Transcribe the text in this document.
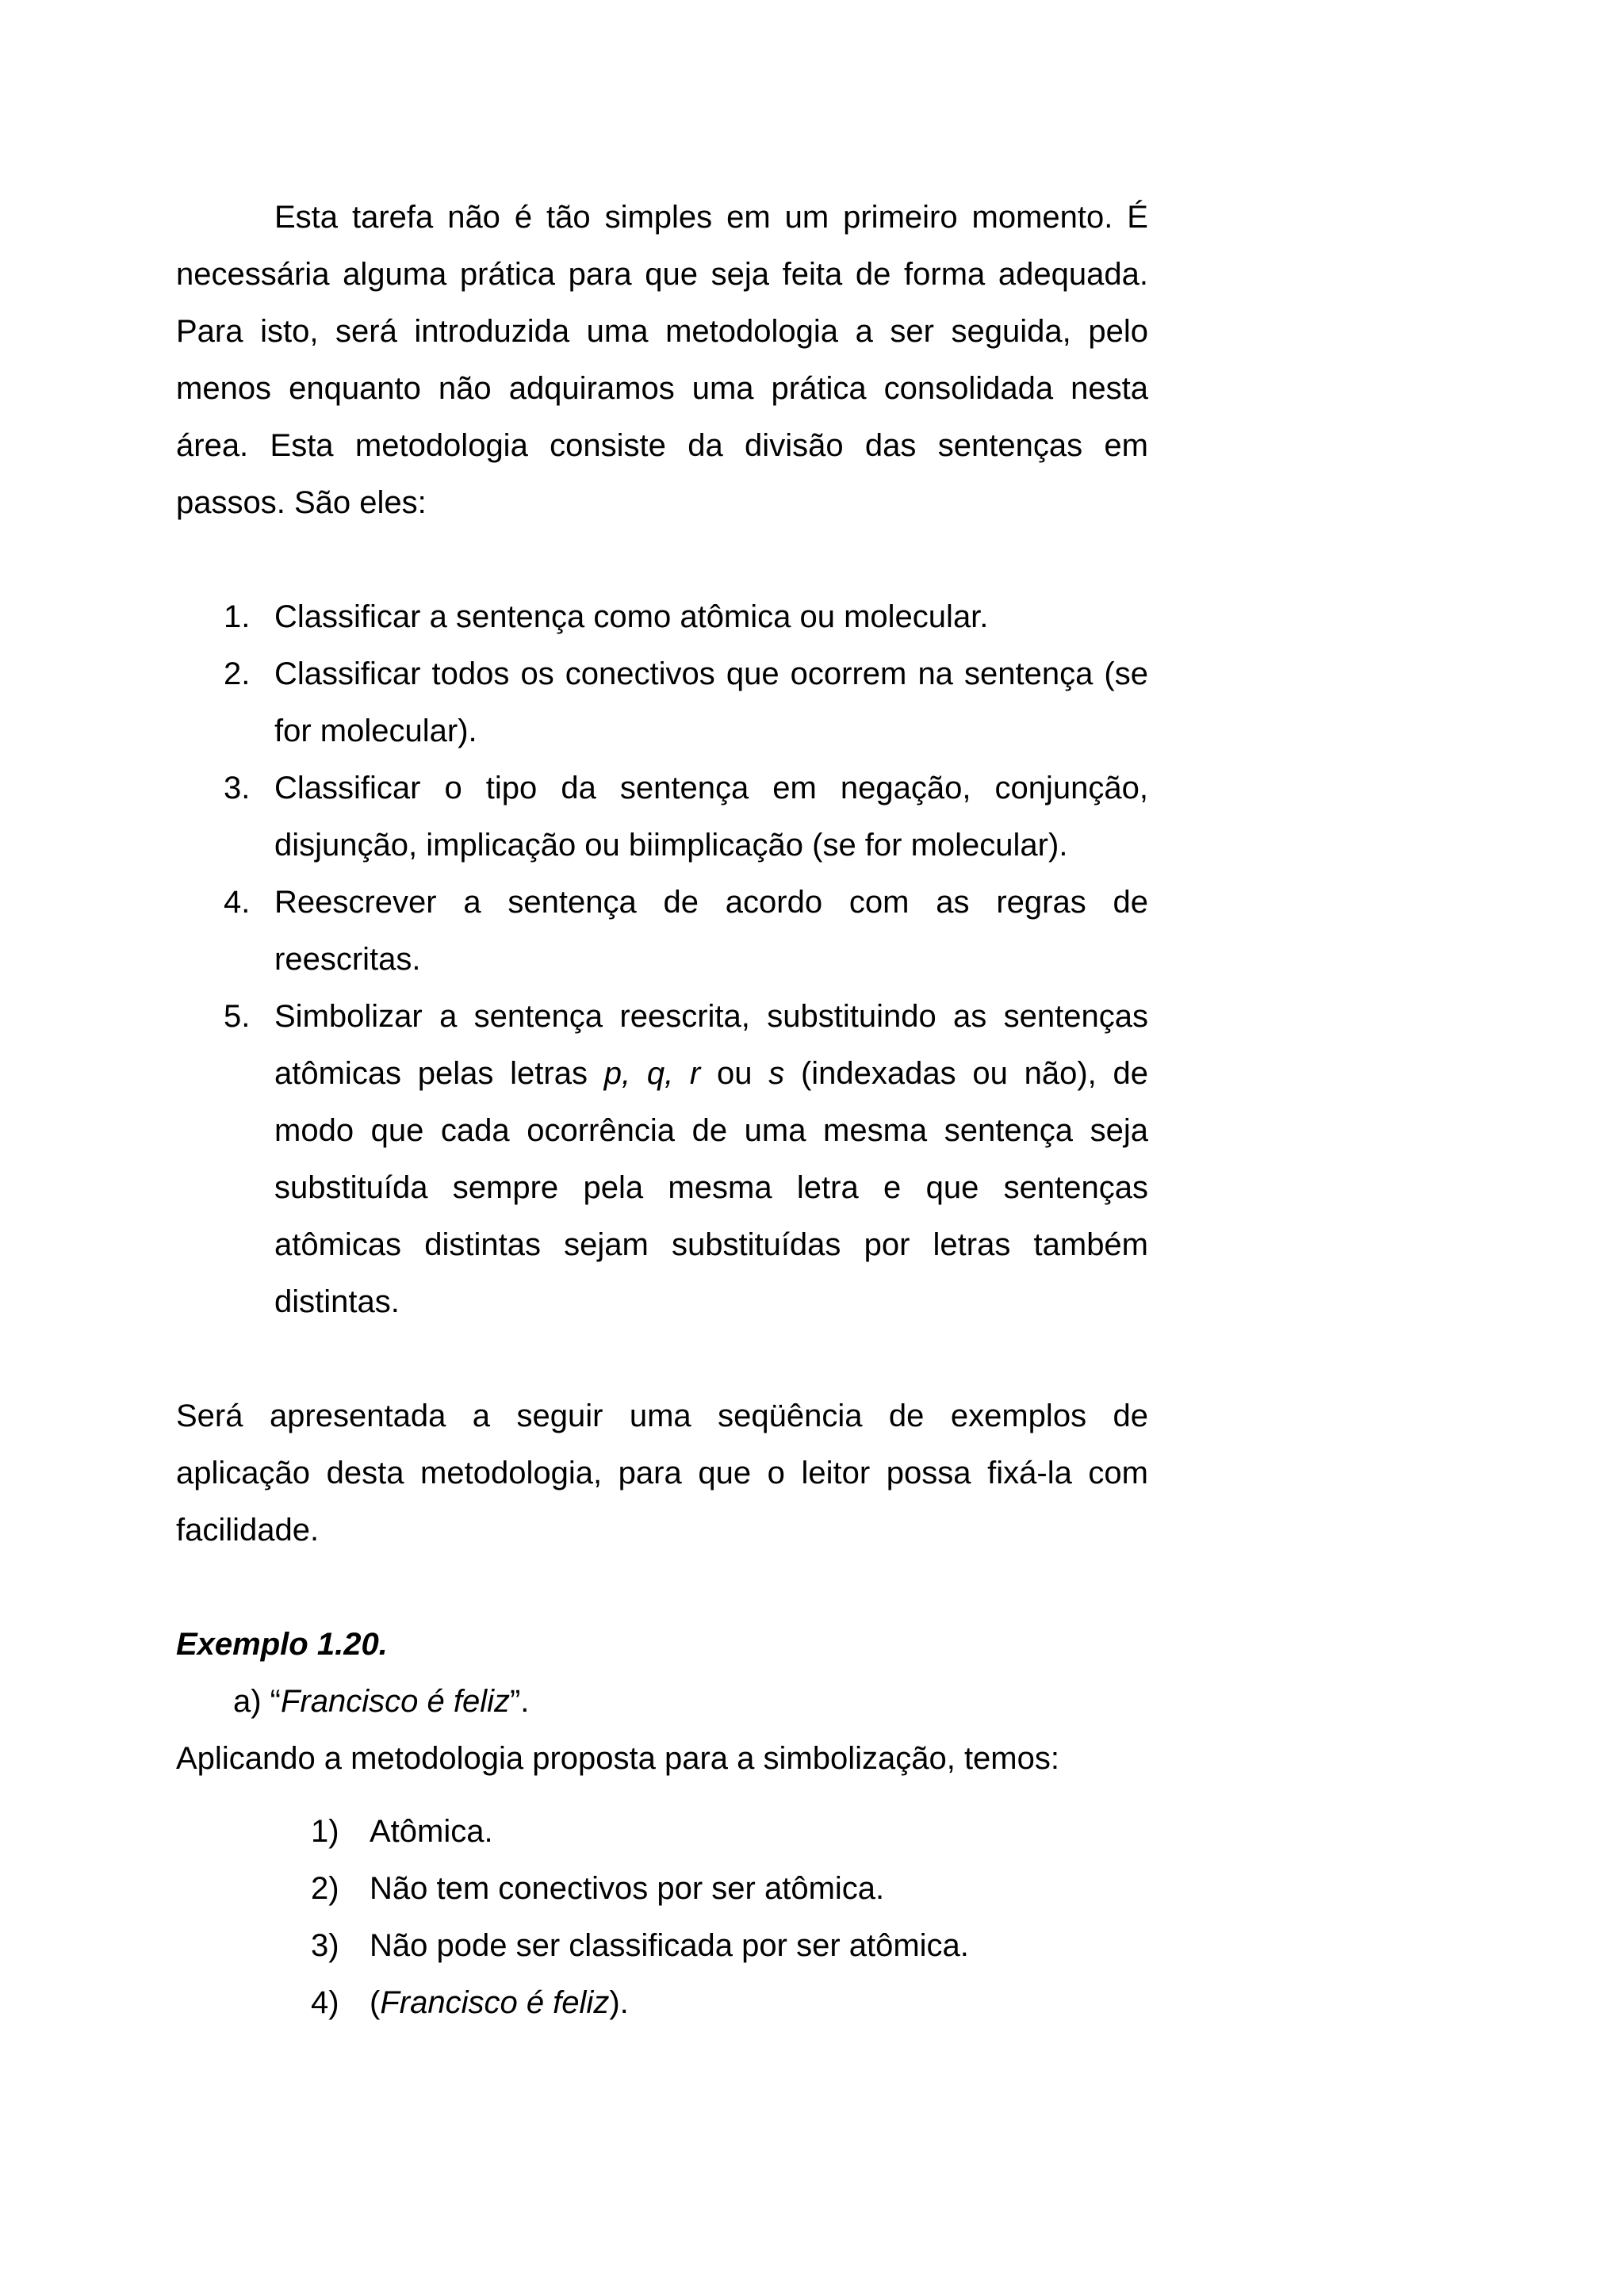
Esta tarefa não é tão simples em um primeiro momento. É necessária alguma prática para que seja feita de forma adequada. Para isto, será introduzida uma metodologia a ser seguida, pelo menos enquanto não adquiramos uma prática consolidada nesta área. Esta metodologia consiste da divisão das sentenças em passos. São eles:

1. Classificar a sentença como atômica ou molecular.
2. Classificar todos os conectivos que ocorrem na sentença (se for molecular).
3. Classificar o tipo da sentença em negação, conjunção, disjunção, implicação ou biimplicação (se for molecular).
4. Reescrever a sentença de acordo com as regras de reescritas.
5. Simbolizar a sentença reescrita, substituindo as sentenças atômicas pelas letras p, q, r ou s (indexadas ou não), de modo que cada ocorrência de uma mesma sentença seja substituída sempre pela mesma letra e que sentenças atômicas distintas sejam substituídas por letras também distintas.

Será apresentada a seguir uma seqüência de exemplos de aplicação desta metodologia, para que o leitor possa fixá-la com facilidade.

Exemplo 1.20.

a) “Francisco é feliz”.

Aplicando a metodologia proposta para a simbolização, temos:

1) Atômica.
2) Não tem conectivos por ser atômica.
3) Não pode ser classificada por ser atômica.
4) (Francisco é feliz).
